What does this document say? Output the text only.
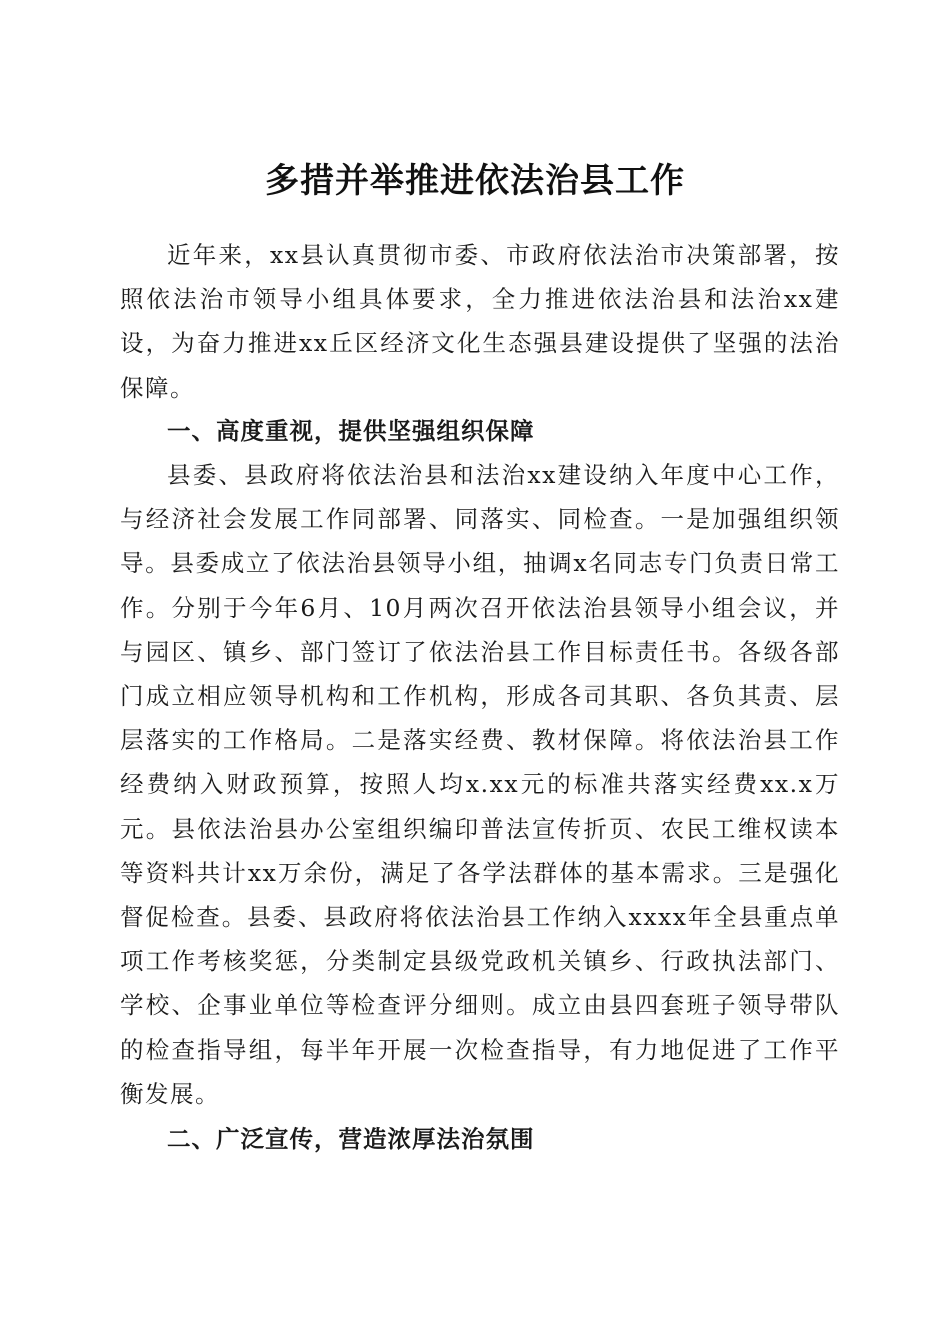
多措并举推进依法治县工作

近年来，xx县认真贯彻市委、市政府依法治市决策部署，按照依法治市领导小组具体要求，全力推进依法治县和法治xx建设，为奋力推进xx丘区经济文化生态强县建设提供了坚强的法治保障。

一、高度重视，提供坚强组织保障

县委、县政府将依法治县和法治xx建设纳入年度中心工作，与经济社会发展工作同部署、同落实、同检查。一是加强组织领导。县委成立了依法治县领导小组，抽调x名同志专门负责日常工作。分别于今年6月、10月两次召开依法治县领导小组会议，并与园区、镇乡、部门签订了依法治县工作目标责任书。各级各部门成立相应领导机构和工作机构，形成各司其职、各负其责、层层落实的工作格局。二是落实经费、教材保障。将依法治县工作经费纳入财政预算，按照人均x.xx元的标准共落实经费xx.x万元。县依法治县办公室组织编印普法宣传折页、农民工维权读本等资料共计xx万余份，满足了各学法群体的基本需求。三是强化督促检查。县委、县政府将依法治县工作纳入xxxx年全县重点单项工作考核奖惩，分类制定县级党政机关镇乡、行政执法部门、学校、企事业单位等检查评分细则。成立由县四套班子领导带队的检查指导组，每半年开展一次检查指导，有力地促进了工作平衡发展。

二、广泛宣传，营造浓厚法治氛围
